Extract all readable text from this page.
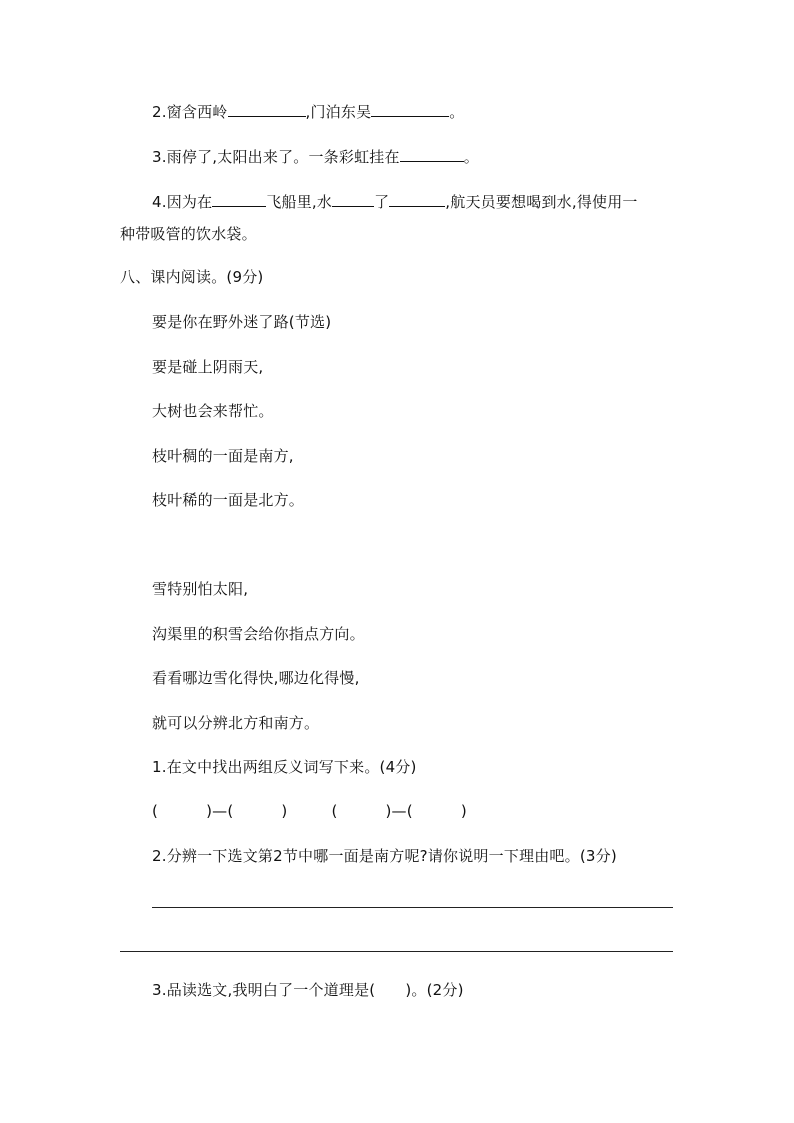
2.窗含西岭	,门泊东吴	。
3.雨停了,太阳出来了。一条彩虹挂在	。
4.因为在	飞船里,水	了	,航天员要想喝到水,得使用一
种带吸管的饮水袋。
八、课内阅读。(9分)
要是你在野外迷了路(节选)
要是碰上阴雨天,
大树也会来帮忙。
枝叶稠的一面是南方,
枝叶稀的一面是北方。
雪特别怕太阳,
沟渠里的积雪会给你指点方向。
看看哪边雪化得快,哪边化得慢,
就可以分辨北方和南方。
1.在文中找出两组反义词写下来。(4分)
(	)—(	)	(	)—(	)
2.分辨一下选文第2节中哪一面是南方呢?请你说明一下理由吧。(3分)
3.品读选文,我明白了一个道理是( )。(2分)
